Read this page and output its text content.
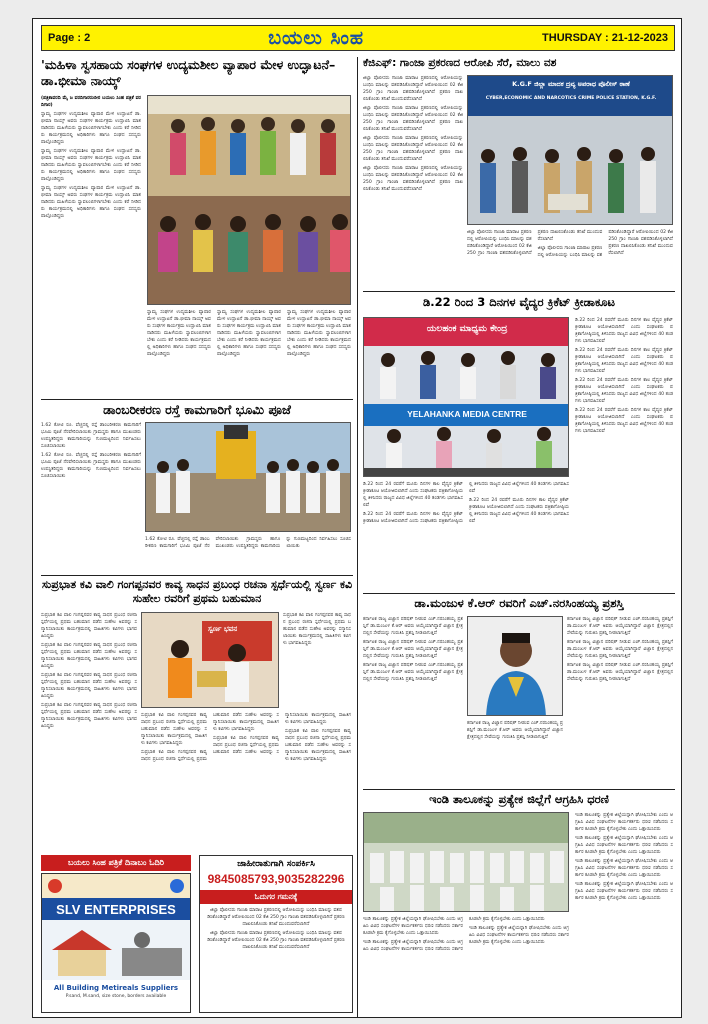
Page : 2	ಬಯಲು ಸಿಂಹ	THURSDAY : 21-12-2023
'ಮಹಿಳಾ ಸ್ವಸಹಾಯ ಸಂಘಗಳ ಉದ್ಯಮಶೀಲ ವ್ಯಾಪಾರ ಮೇಳ ಉದ್ಘಾಟನೆ– ಡಾ.ಭೀಮಾ ನಾಯ್ಕ್

(ಪತ್ರಿಕಾವರದಿ ಮೈ ಜ ವರದಿಗಾರರುಬೀರ ಬಯಲು ಸಿಂಹ ಪತ್ರಿಕೆ ವರದಿಗಾರ)

ಸ್ವಾಮ್ಯ ಸಂಘಗಳ ಉದ್ಯಮಶೀಲ ವ್ಯಾಪಾರ ಮೇಳ ಉದ್ಘಾಟನೆ ಡಾ.ಭೀಮಾ ನಾಯ್ಕ್ ಅವರು ಸಂಘಗಳ ಕಾರ್ಯಕ್ರಮ ಉದ್ಘಾಟಿಸಿ ಮಾತನಾಡಿದರು ಮಹಿಳೆಯರು ಸ್ವಾವಲಂಬಿಗಳಾಗಬೇಕು ಎಂದು ಕರೆ ನೀಡಿದರು ಕಾರ್ಯಕ್ರಮದಲ್ಲಿ ಅಧಿಕಾರಿಗಳು ಹಾಗೂ ಸಂಘದ ಸದಸ್ಯರು ಪಾಲ್ಗೊಂಡಿದ್ದರು

ಸ್ವಾಮ್ಯ ಸಂಘಗಳ ಉದ್ಯಮಶೀಲ ವ್ಯಾಪಾರ ಮೇಳ ಉದ್ಘಾಟನೆ ಡಾ.ಭೀಮಾ ನಾಯ್ಕ್ ಅವರು ಸಂಘಗಳ ಕಾರ್ಯಕ್ರಮ ಉದ್ಘಾಟಿಸಿ ಮಾತನಾಡಿದರು ಮಹಿಳೆಯರು ಸ್ವಾವಲಂಬಿಗಳಾಗಬೇಕು ಎಂದು ಕರೆ ನೀಡಿದರು ಕಾರ್ಯಕ್ರಮದಲ್ಲಿ ಅಧಿಕಾರಿಗಳು ಹಾಗೂ ಸಂಘದ ಸದಸ್ಯರು ಪಾಲ್ಗೊಂಡಿದ್ದರು

ಸ್ವಾಮ್ಯ ಸಂಘಗಳ ಉದ್ಯಮಶೀಲ ವ್ಯಾಪಾರ ಮೇಳ ಉದ್ಘಾಟನೆ ಡಾ.ಭೀಮಾ ನಾಯ್ಕ್ ಅವರು ಸಂಘಗಳ ಕಾರ್ಯಕ್ರಮ ಉದ್ಘಾಟಿಸಿ ಮಾತನಾಡಿದರು ಮಹಿಳೆಯರು ಸ್ವಾವಲಂಬಿಗಳಾಗಬೇಕು ಎಂದು ಕರೆ ನೀಡಿದರು ಕಾರ್ಯಕ್ರಮದಲ್ಲಿ ಅಧಿಕಾರಿಗಳು ಹಾಗೂ ಸಂಘದ ಸದಸ್ಯರು ಪಾಲ್ಗೊಂಡಿದ್ದರು

ಸ್ವಾಮ್ಯ ಸಂಘಗಳ ಉದ್ಯಮಶೀಲ ವ್ಯಾಪಾರ ಮೇಳ ಉದ್ಘಾಟನೆ ಡಾ.ಭೀಮಾ ನಾಯ್ಕ್ ಅವರು ಸಂಘಗಳ ಕಾರ್ಯಕ್ರಮ ಉದ್ಘಾಟಿಸಿ ಮಾತನಾಡಿದರು ಮಹಿಳೆಯರು ಸ್ವಾವಲಂಬಿಗಳಾಗಬೇಕು ಎಂದು ಕರೆ ನೀಡಿದರು ಕಾರ್ಯಕ್ರಮದಲ್ಲಿ ಅಧಿಕಾರಿಗಳು ಹಾಗೂ ಸಂಘದ ಸದಸ್ಯರು ಪಾಲ್ಗೊಂಡಿದ್ದರು

ಸ್ವಾಮ್ಯ ಸಂಘಗಳ ಉದ್ಯಮಶೀಲ ವ್ಯಾಪಾರ ಮೇಳ ಉದ್ಘಾಟನೆ ಡಾ.ಭೀಮಾ ನಾಯ್ಕ್ ಅವರು ಸಂಘಗಳ ಕಾರ್ಯಕ್ರಮ ಉದ್ಘಾಟಿಸಿ ಮಾತನಾಡಿದರು ಮಹಿಳೆಯರು ಸ್ವಾವಲಂಬಿಗಳಾಗಬೇಕು ಎಂದು ಕರೆ ನೀಡಿದರು ಕಾರ್ಯಕ್ರಮದಲ್ಲಿ ಅಧಿಕಾರಿಗಳು ಹಾಗೂ ಸಂಘದ ಸದಸ್ಯರು ಪಾಲ್ಗೊಂಡಿದ್ದರು

ಸ್ವಾಮ್ಯ ಸಂಘಗಳ ಉದ್ಯಮಶೀಲ ವ್ಯಾಪಾರ ಮೇಳ ಉದ್ಘಾಟನೆ ಡಾ.ಭೀಮಾ ನಾಯ್ಕ್ ಅವರು ಸಂಘಗಳ ಕಾರ್ಯಕ್ರಮ ಉದ್ಘಾಟಿಸಿ ಮಾತನಾಡಿದರು ಮಹಿಳೆಯರು ಸ್ವಾವಲಂಬಿಗಳಾಗಬೇಕು ಎಂದು ಕರೆ ನೀಡಿದರು ಕಾರ್ಯಕ್ರಮದಲ್ಲಿ ಅಧಿಕಾರಿಗಳು ಹಾಗೂ ಸಂಘದ ಸದಸ್ಯರು ಪಾಲ್ಗೊಂಡಿದ್ದರು

ಡಾಂಬರೀಕರಣ ರಸ್ತೆ ಕಾಮಗಾರಿಗೆ ಭೂಮಿ ಪೂಜೆ

1.62 ಕೋಟಿ ರೂ. ವೆಚ್ಚದಲ್ಲಿ ರಸ್ತೆ ಡಾಂಬರೀಕರಣ ಕಾಮಗಾರಿಗೆ ಭೂಮಿ ಪೂಜೆ ನೆರವೇರಿಸಲಾಯಿತು ಗ್ರಾಮಸ್ಥರು ಹಾಗೂ ಮುಖಂಡರು ಉಪಸ್ಥಿತರಿದ್ದರು ಕಾಮಗಾರಿಯನ್ನು ಗುಣಮಟ್ಟದಿಂದ ನಿರ್ವಹಿಸಲು ಸೂಚಿಸಲಾಯಿತು

1.62 ಕೋಟಿ ರೂ. ವೆಚ್ಚದಲ್ಲಿ ರಸ್ತೆ ಡಾಂಬರೀಕರಣ ಕಾಮಗಾರಿಗೆ ಭೂಮಿ ಪೂಜೆ ನೆರವೇರಿಸಲಾಯಿತು ಗ್ರಾಮಸ್ಥರು ಹಾಗೂ ಮುಖಂಡರು ಉಪಸ್ಥಿತರಿದ್ದರು ಕಾಮಗಾರಿಯನ್ನು ಗುಣಮಟ್ಟದಿಂದ ನಿರ್ವಹಿಸಲು ಸೂಚಿಸಲಾಯಿತು

1.62 ಕೋಟಿ ರೂ. ವೆಚ್ಚದಲ್ಲಿ ರಸ್ತೆ ಡಾಂಬರೀಕರಣ ಕಾಮಗಾರಿಗೆ ಭೂಮಿ ಪೂಜೆ ನೆರವೇರಿಸಲಾಯಿತು ಗ್ರಾಮಸ್ಥರು ಹಾಗೂ ಮುಖಂಡರು ಉಪಸ್ಥಿತರಿದ್ದರು ಕಾಮಗಾರಿಯನ್ನು ಗುಣಮಟ್ಟದಿಂದ ನಿರ್ವಹಿಸಲು ಸೂಚಿಸಲಾಯಿತು

ಸುಪ್ರಭಾತ ಕವಿ ವಾಲಿ ಗಂಗಪ್ಪನವರ ಕಾವ್ಯ ಸಾಧನ ಪ್ರಬಂಧ ರಚನಾ ಸ್ಪರ್ಧೆಯಲ್ಲಿ ಸ್ವರ್ಣ ಕವಿ ಸುಹೇಲ ರವರಿಗೆ ಪ್ರಥಮ ಬಹುಮಾನ

ಸುಪ್ರಭಾತ ಕವಿ ವಾಲಿ ಗಂಗಪ್ಪನವರ ಕಾವ್ಯ ಸಾಧನ ಪ್ರಬಂಧ ರಚನಾ ಸ್ಪರ್ಧೆಯಲ್ಲಿ ಪ್ರಥಮ ಬಹುಮಾನ ಪಡೆದ ಸುಹೇಲ ಅವರನ್ನು ಸನ್ಮಾನಿಸಲಾಯಿತು ಕಾರ್ಯಕ್ರಮದಲ್ಲಿ ಸಾಹಿತಿಗಳು ಕವಿಗಳು ಭಾಗವಹಿಸಿದ್ದರು

ಸುಪ್ರಭಾತ ಕವಿ ವಾಲಿ ಗಂಗಪ್ಪನವರ ಕಾವ್ಯ ಸಾಧನ ಪ್ರಬಂಧ ರಚನಾ ಸ್ಪರ್ಧೆಯಲ್ಲಿ ಪ್ರಥಮ ಬಹುಮಾನ ಪಡೆದ ಸುಹೇಲ ಅವರನ್ನು ಸನ್ಮಾನಿಸಲಾಯಿತು ಕಾರ್ಯಕ್ರಮದಲ್ಲಿ ಸಾಹಿತಿಗಳು ಕವಿಗಳು ಭಾಗವಹಿಸಿದ್ದರು

ಸುಪ್ರಭಾತ ಕವಿ ವಾಲಿ ಗಂಗಪ್ಪನವರ ಕಾವ್ಯ ಸಾಧನ ಪ್ರಬಂಧ ರಚನಾ ಸ್ಪರ್ಧೆಯಲ್ಲಿ ಪ್ರಥಮ ಬಹುಮಾನ ಪಡೆದ ಸುಹೇಲ ಅವರನ್ನು ಸನ್ಮಾನಿಸಲಾಯಿತು ಕಾರ್ಯಕ್ರಮದಲ್ಲಿ ಸಾಹಿತಿಗಳು ಕವಿಗಳು ಭಾಗವಹಿಸಿದ್ದರು

ಸುಪ್ರಭಾತ ಕವಿ ವಾಲಿ ಗಂಗಪ್ಪನವರ ಕಾವ್ಯ ಸಾಧನ ಪ್ರಬಂಧ ರಚನಾ ಸ್ಪರ್ಧೆಯಲ್ಲಿ ಪ್ರಥಮ ಬಹುಮಾನ ಪಡೆದ ಸುಹೇಲ ಅವರನ್ನು ಸನ್ಮಾನಿಸಲಾಯಿತು ಕಾರ್ಯಕ್ರಮದಲ್ಲಿ ಸಾಹಿತಿಗಳು ಕವಿಗಳು ಭಾಗವಹಿಸಿದ್ದರು

ಸ್ವರ್ಣ ಭವನ

ಸುಪ್ರಭಾತ ಕವಿ ವಾಲಿ ಗಂಗಪ್ಪನವರ ಕಾವ್ಯ ಸಾಧನ ಪ್ರಬಂಧ ರಚನಾ ಸ್ಪರ್ಧೆಯಲ್ಲಿ ಪ್ರಥಮ ಬಹುಮಾನ ಪಡೆದ ಸುಹೇಲ ಅವರನ್ನು ಸನ್ಮಾನಿಸಲಾಯಿತು ಕಾರ್ಯಕ್ರಮದಲ್ಲಿ ಸಾಹಿತಿಗಳು ಕವಿಗಳು ಭಾಗವಹಿಸಿದ್ದರು

ಸುಪ್ರಭಾತ ಕವಿ ವಾಲಿ ಗಂಗಪ್ಪನವರ ಕಾವ್ಯ ಸಾಧನ ಪ್ರಬಂಧ ರಚನಾ ಸ್ಪರ್ಧೆಯಲ್ಲಿ ಪ್ರಥಮ ಬಹುಮಾನ ಪಡೆದ ಸುಹೇಲ ಅವರನ್ನು ಸನ್ಮಾನಿಸಲಾಯಿತು ಕಾರ್ಯಕ್ರಮದಲ್ಲಿ ಸಾಹಿತಿಗಳು ಕವಿಗಳು ಭಾಗವಹಿಸಿದ್ದರು

ಸುಪ್ರಭಾತ ಕವಿ ವಾಲಿ ಗಂಗಪ್ಪನವರ ಕಾವ್ಯ ಸಾಧನ ಪ್ರಬಂಧ ರಚನಾ ಸ್ಪರ್ಧೆಯಲ್ಲಿ ಪ್ರಥಮ ಬಹುಮಾನ ಪಡೆದ ಸುಹೇಲ ಅವರನ್ನು ಸನ್ಮಾನಿಸಲಾಯಿತು ಕಾರ್ಯಕ್ರಮದಲ್ಲಿ ಸಾಹಿತಿಗಳು ಕವಿಗಳು ಭಾಗವಹಿಸಿದ್ದರು

ಸುಪ್ರಭಾತ ಕವಿ ವಾಲಿ ಗಂಗಪ್ಪನವರ ಕಾವ್ಯ ಸಾಧನ ಪ್ರಬಂಧ ರಚನಾ ಸ್ಪರ್ಧೆಯಲ್ಲಿ ಪ್ರಥಮ ಬಹುಮಾನ ಪಡೆದ ಸುಹೇಲ ಅವರನ್ನು ಸನ್ಮಾನಿಸಲಾಯಿತು ಕಾರ್ಯಕ್ರಮದಲ್ಲಿ ಸಾಹಿತಿಗಳು ಕವಿಗಳು ಭಾಗವಹಿಸಿದ್ದರು

ಸುಪ್ರಭಾತ ಕವಿ ವಾಲಿ ಗಂಗಪ್ಪನವರ ಕಾವ್ಯ ಸಾಧನ ಪ್ರಬಂಧ ರಚನಾ ಸ್ಪರ್ಧೆಯಲ್ಲಿ ಪ್ರಥಮ ಬಹುಮಾನ ಪಡೆದ ಸುಹೇಲ ಅವರನ್ನು ಸನ್ಮಾನಿಸಲಾಯಿತು ಕಾರ್ಯಕ್ರಮದಲ್ಲಿ ಸಾಹಿತಿಗಳು ಕವಿಗಳು ಭಾಗವಹಿಸಿದ್ದರು

ಬಯಲು ಸಿಂಹ ಪತ್ರಿಕೆ ದಿನಾಬಂ ಓದಿರಿ
SLV ENTERPRISES
All Building Metireals Suppliers
P.sand, M.sand, size stone, borders available
ಜಾಹೀರಾತುಗಾಗಿ ಸಂಪರ್ಕಿಸಿ
9845085793,9035282296
ಓದುಗರ ಗಮನಕ್ಕೆ

ಜಿಲ್ಲಾ ಪೊಲೀಸರು ಗಾಂಜಾ ಮಾರಾಟ ಪ್ರಕರಣದಲ್ಲಿ ಆರೋಪಿಯನ್ನು ಬಂಧಿಸಿ ಮಾಲನ್ನು ವಶಪಡಿಸಿಕೊಂಡಿದ್ದಾರೆ ಆರೋಪಿಯಿಂದ 02 ಕೆಜಿ 250 ಗ್ರಾಂ ಗಾಂಜಾ ವಶಪಡಿಸಿಕೊಳ್ಳಲಾಗಿದೆ ಪ್ರಕರಣ ದಾಖಲಿಸಿಕೊಂಡು ತನಿಖೆ ಮುಂದುವರೆಸಲಾಗಿದೆ

ಜಿಲ್ಲಾ ಪೊಲೀಸರು ಗಾಂಜಾ ಮಾರಾಟ ಪ್ರಕರಣದಲ್ಲಿ ಆರೋಪಿಯನ್ನು ಬಂಧಿಸಿ ಮಾಲನ್ನು ವಶಪಡಿಸಿಕೊಂಡಿದ್ದಾರೆ ಆರೋಪಿಯಿಂದ 02 ಕೆಜಿ 250 ಗ್ರಾಂ ಗಾಂಜಾ ವಶಪಡಿಸಿಕೊಳ್ಳಲಾಗಿದೆ ಪ್ರಕರಣ ದಾಖಲಿಸಿಕೊಂಡು ತನಿಖೆ ಮುಂದುವರೆಸಲಾಗಿದೆ

ಕೆಜಿಎಫ್: ಗಾಂಜಾ ಪ್ರಕರಣದ ಆರೋಪಿ ಸೆರೆ, ಮಾಲು ವಶ

ಜಿಲ್ಲಾ ಪೊಲೀಸರು ಗಾಂಜಾ ಮಾರಾಟ ಪ್ರಕರಣದಲ್ಲಿ ಆರೋಪಿಯನ್ನು ಬಂಧಿಸಿ ಮಾಲನ್ನು ವಶಪಡಿಸಿಕೊಂಡಿದ್ದಾರೆ ಆರೋಪಿಯಿಂದ 02 ಕೆಜಿ 250 ಗ್ರಾಂ ಗಾಂಜಾ ವಶಪಡಿಸಿಕೊಳ್ಳಲಾಗಿದೆ ಪ್ರಕರಣ ದಾಖಲಿಸಿಕೊಂಡು ತನಿಖೆ ಮುಂದುವರೆಸಲಾಗಿದೆ

ಜಿಲ್ಲಾ ಪೊಲೀಸರು ಗಾಂಜಾ ಮಾರಾಟ ಪ್ರಕರಣದಲ್ಲಿ ಆರೋಪಿಯನ್ನು ಬಂಧಿಸಿ ಮಾಲನ್ನು ವಶಪಡಿಸಿಕೊಂಡಿದ್ದಾರೆ ಆರೋಪಿಯಿಂದ 02 ಕೆಜಿ 250 ಗ್ರಾಂ ಗಾಂಜಾ ವಶಪಡಿಸಿಕೊಳ್ಳಲಾಗಿದೆ ಪ್ರಕರಣ ದಾಖಲಿಸಿಕೊಂಡು ತನಿಖೆ ಮುಂದುವರೆಸಲಾಗಿದೆ

ಜಿಲ್ಲಾ ಪೊಲೀಸರು ಗಾಂಜಾ ಮಾರಾಟ ಪ್ರಕರಣದಲ್ಲಿ ಆರೋಪಿಯನ್ನು ಬಂಧಿಸಿ ಮಾಲನ್ನು ವಶಪಡಿಸಿಕೊಂಡಿದ್ದಾರೆ ಆರೋಪಿಯಿಂದ 02 ಕೆಜಿ 250 ಗ್ರಾಂ ಗಾಂಜಾ ವಶಪಡಿಸಿಕೊಳ್ಳಲಾಗಿದೆ ಪ್ರಕರಣ ದಾಖಲಿಸಿಕೊಂಡು ತನಿಖೆ ಮುಂದುವರೆಸಲಾಗಿದೆ

ಜಿಲ್ಲಾ ಪೊಲೀಸರು ಗಾಂಜಾ ಮಾರಾಟ ಪ್ರಕರಣದಲ್ಲಿ ಆರೋಪಿಯನ್ನು ಬಂಧಿಸಿ ಮಾಲನ್ನು ವಶಪಡಿಸಿಕೊಂಡಿದ್ದಾರೆ ಆರೋಪಿಯಿಂದ 02 ಕೆಜಿ 250 ಗ್ರಾಂ ಗಾಂಜಾ ವಶಪಡಿಸಿಕೊಳ್ಳಲಾಗಿದೆ ಪ್ರಕರಣ ದಾಖಲಿಸಿಕೊಂಡು ತನಿಖೆ ಮುಂದುವರೆಸಲಾಗಿದೆ

K.G.F ಜಿಲ್ಲಾ ಮಾದಕ ದ್ರವ್ಯ ಅಪರಾಧ ಪೊಲೀಸ್ ಠಾಣೆ
CYBER,ECONOMIC AND NARCOTICS CRIME POLICE STATION, K.G.F.

ಜಿಲ್ಲಾ ಪೊಲೀಸರು ಗಾಂಜಾ ಮಾರಾಟ ಪ್ರಕರಣದಲ್ಲಿ ಆರೋಪಿಯನ್ನು ಬಂಧಿಸಿ ಮಾಲನ್ನು ವಶಪಡಿಸಿಕೊಂಡಿದ್ದಾರೆ ಆರೋಪಿಯಿಂದ 02 ಕೆಜಿ 250 ಗ್ರಾಂ ಗಾಂಜಾ ವಶಪಡಿಸಿಕೊಳ್ಳಲಾಗಿದೆ ಪ್ರಕರಣ ದಾಖಲಿಸಿಕೊಂಡು ತನಿಖೆ ಮುಂದುವರೆಸಲಾಗಿದೆ

ಜಿಲ್ಲಾ ಪೊಲೀಸರು ಗಾಂಜಾ ಮಾರಾಟ ಪ್ರಕರಣದಲ್ಲಿ ಆರೋಪಿಯನ್ನು ಬಂಧಿಸಿ ಮಾಲನ್ನು ವಶಪಡಿಸಿಕೊಂಡಿದ್ದಾರೆ ಆರೋಪಿಯಿಂದ 02 ಕೆಜಿ 250 ಗ್ರಾಂ ಗಾಂಜಾ ವಶಪಡಿಸಿಕೊಳ್ಳಲಾಗಿದೆ ಪ್ರಕರಣ ದಾಖಲಿಸಿಕೊಂಡು ತನಿಖೆ ಮುಂದುವರೆಸಲಾಗಿದೆ

ಡಿ.22 ರಿಂದ 3 ದಿನಗಳ ವೈದ್ಯರ ಕ್ರಿಕೆಟ್ ಕ್ರೀಡಾಕೂಟ
ಯಲಹಂಕ ಮಾಧ್ಯಮ ಕೇಂದ್ರ
YELAHANKA MEDIA CENTRE

ಡಿ.22 ರಿಂದ 24 ರವರೆಗೆ ಮೂರು ದಿನಗಳ ಕಾಲ ವೈದ್ಯರ ಕ್ರಿಕೆಟ್ ಕ್ರೀಡಾಕೂಟ ಆಯೋಜಿಸಲಾಗಿದೆ ಎಂದು ಸಂಘಟಕರು ಪತ್ರಿಕಾಗೋಷ್ಠಿಯಲ್ಲಿ ತಿಳಿಸಿದರು ರಾಜ್ಯದ ವಿವಿಧ ಜಿಲ್ಲೆಗಳಿಂದ 40 ತಂಡಗಳು ಭಾಗವಹಿಸಲಿವೆ

ಡಿ.22 ರಿಂದ 24 ರವರೆಗೆ ಮೂರು ದಿನಗಳ ಕಾಲ ವೈದ್ಯರ ಕ್ರಿಕೆಟ್ ಕ್ರೀಡಾಕೂಟ ಆಯೋಜಿಸಲಾಗಿದೆ ಎಂದು ಸಂಘಟಕರು ಪತ್ರಿಕಾಗೋಷ್ಠಿಯಲ್ಲಿ ತಿಳಿಸಿದರು ರಾಜ್ಯದ ವಿವಿಧ ಜಿಲ್ಲೆಗಳಿಂದ 40 ತಂಡಗಳು ಭಾಗವಹಿಸಲಿವೆ

ಡಿ.22 ರಿಂದ 24 ರವರೆಗೆ ಮೂರು ದಿನಗಳ ಕಾಲ ವೈದ್ಯರ ಕ್ರಿಕೆಟ್ ಕ್ರೀಡಾಕೂಟ ಆಯೋಜಿಸಲಾಗಿದೆ ಎಂದು ಸಂಘಟಕರು ಪತ್ರಿಕಾಗೋಷ್ಠಿಯಲ್ಲಿ ತಿಳಿಸಿದರು ರಾಜ್ಯದ ವಿವಿಧ ಜಿಲ್ಲೆಗಳಿಂದ 40 ತಂಡಗಳು ಭಾಗವಹಿಸಲಿವೆ

ಡಿ.22 ರಿಂದ 24 ರವರೆಗೆ ಮೂರು ದಿನಗಳ ಕಾಲ ವೈದ್ಯರ ಕ್ರಿಕೆಟ್ ಕ್ರೀಡಾಕೂಟ ಆಯೋಜಿಸಲಾಗಿದೆ ಎಂದು ಸಂಘಟಕರು ಪತ್ರಿಕಾಗೋಷ್ಠಿಯಲ್ಲಿ ತಿಳಿಸಿದರು ರಾಜ್ಯದ ವಿವಿಧ ಜಿಲ್ಲೆಗಳಿಂದ 40 ತಂಡಗಳು ಭಾಗವಹಿಸಲಿವೆ

ಡಿ.22 ರಿಂದ 24 ರವರೆಗೆ ಮೂರು ದಿನಗಳ ಕಾಲ ವೈದ್ಯರ ಕ್ರಿಕೆಟ್ ಕ್ರೀಡಾಕೂಟ ಆಯೋಜಿಸಲಾಗಿದೆ ಎಂದು ಸಂಘಟಕರು ಪತ್ರಿಕಾಗೋಷ್ಠಿಯಲ್ಲಿ ತಿಳಿಸಿದರು ರಾಜ್ಯದ ವಿವಿಧ ಜಿಲ್ಲೆಗಳಿಂದ 40 ತಂಡಗಳು ಭಾಗವಹಿಸಲಿವೆ

ಡಿ.22 ರಿಂದ 24 ರವರೆಗೆ ಮೂರು ದಿನಗಳ ಕಾಲ ವೈದ್ಯರ ಕ್ರಿಕೆಟ್ ಕ್ರೀಡಾಕೂಟ ಆಯೋಜಿಸಲಾಗಿದೆ ಎಂದು ಸಂಘಟಕರು ಪತ್ರಿಕಾಗೋಷ್ಠಿಯಲ್ಲಿ ತಿಳಿಸಿದರು ರಾಜ್ಯದ ವಿವಿಧ ಜಿಲ್ಲೆಗಳಿಂದ 40 ತಂಡಗಳು ಭಾಗವಹಿಸಲಿವೆ

ಡಿ.22 ರಿಂದ 24 ರವರೆಗೆ ಮೂರು ದಿನಗಳ ಕಾಲ ವೈದ್ಯರ ಕ್ರಿಕೆಟ್ ಕ್ರೀಡಾಕೂಟ ಆಯೋಜಿಸಲಾಗಿದೆ ಎಂದು ಸಂಘಟಕರು ಪತ್ರಿಕಾಗೋಷ್ಠಿಯಲ್ಲಿ ತಿಳಿಸಿದರು ರಾಜ್ಯದ ವಿವಿಧ ಜಿಲ್ಲೆಗಳಿಂದ 40 ತಂಡಗಳು ಭಾಗವಹಿಸಲಿವೆ

ಡಾ.ಮಂಜುಳ ಕೆ.ಆರ್ ರವರಿಗೆ ಎಚ್.ನರಸಿಂಹಯ್ಯ ಪ್ರಶಸ್ತಿ

ಕರ್ನಾಟಕ ರಾಜ್ಯ ವಿಜ್ಞಾನ ಪರಿಷತ್ ನೀಡುವ ಎಚ್.ನರಸಿಂಹಯ್ಯ ಪ್ರಶಸ್ತಿಗೆ ಡಾ.ಮಂಜುಳ ಕೆ.ಆರ್ ಅವರು ಆಯ್ಕೆಯಾಗಿದ್ದಾರೆ ವಿಜ್ಞಾನ ಕ್ಷೇತ್ರದಲ್ಲಿನ ಸೇವೆಯನ್ನು ಗುರುತಿಸಿ ಪ್ರಶಸ್ತಿ ನೀಡಲಾಗುತ್ತಿದೆ

ಕರ್ನಾಟಕ ರಾಜ್ಯ ವಿಜ್ಞಾನ ಪರಿಷತ್ ನೀಡುವ ಎಚ್.ನರಸಿಂಹಯ್ಯ ಪ್ರಶಸ್ತಿಗೆ ಡಾ.ಮಂಜುಳ ಕೆ.ಆರ್ ಅವರು ಆಯ್ಕೆಯಾಗಿದ್ದಾರೆ ವಿಜ್ಞಾನ ಕ್ಷೇತ್ರದಲ್ಲಿನ ಸೇವೆಯನ್ನು ಗುರುತಿಸಿ ಪ್ರಶಸ್ತಿ ನೀಡಲಾಗುತ್ತಿದೆ

ಕರ್ನಾಟಕ ರಾಜ್ಯ ವಿಜ್ಞಾನ ಪರಿಷತ್ ನೀಡುವ ಎಚ್.ನರಸಿಂಹಯ್ಯ ಪ್ರಶಸ್ತಿಗೆ ಡಾ.ಮಂಜುಳ ಕೆ.ಆರ್ ಅವರು ಆಯ್ಕೆಯಾಗಿದ್ದಾರೆ ವಿಜ್ಞಾನ ಕ್ಷೇತ್ರದಲ್ಲಿನ ಸೇವೆಯನ್ನು ಗುರುತಿಸಿ ಪ್ರಶಸ್ತಿ ನೀಡಲಾಗುತ್ತಿದೆ

ಕರ್ನಾಟಕ ರಾಜ್ಯ ವಿಜ್ಞಾನ ಪರಿಷತ್ ನೀಡುವ ಎಚ್.ನರಸಿಂಹಯ್ಯ ಪ್ರಶಸ್ತಿಗೆ ಡಾ.ಮಂಜುಳ ಕೆ.ಆರ್ ಅವರು ಆಯ್ಕೆಯಾಗಿದ್ದಾರೆ ವಿಜ್ಞಾನ ಕ್ಷೇತ್ರದಲ್ಲಿನ ಸೇವೆಯನ್ನು ಗುರುತಿಸಿ ಪ್ರಶಸ್ತಿ ನೀಡಲಾಗುತ್ತಿದೆ

ಕರ್ನಾಟಕ ರಾಜ್ಯ ವಿಜ್ಞಾನ ಪರಿಷತ್ ನೀಡುವ ಎಚ್.ನರಸಿಂಹಯ್ಯ ಪ್ರಶಸ್ತಿಗೆ ಡಾ.ಮಂಜುಳ ಕೆ.ಆರ್ ಅವರು ಆಯ್ಕೆಯಾಗಿದ್ದಾರೆ ವಿಜ್ಞಾನ ಕ್ಷೇತ್ರದಲ್ಲಿನ ಸೇವೆಯನ್ನು ಗುರುತಿಸಿ ಪ್ರಶಸ್ತಿ ನೀಡಲಾಗುತ್ತಿದೆ

ಕರ್ನಾಟಕ ರಾಜ್ಯ ವಿಜ್ಞಾನ ಪರಿಷತ್ ನೀಡುವ ಎಚ್.ನರಸಿಂಹಯ್ಯ ಪ್ರಶಸ್ತಿಗೆ ಡಾ.ಮಂಜುಳ ಕೆ.ಆರ್ ಅವರು ಆಯ್ಕೆಯಾಗಿದ್ದಾರೆ ವಿಜ್ಞಾನ ಕ್ಷೇತ್ರದಲ್ಲಿನ ಸೇವೆಯನ್ನು ಗುರುತಿಸಿ ಪ್ರಶಸ್ತಿ ನೀಡಲಾಗುತ್ತಿದೆ

ಕರ್ನಾಟಕ ರಾಜ್ಯ ವಿಜ್ಞಾನ ಪರಿಷತ್ ನೀಡುವ ಎಚ್.ನರಸಿಂಹಯ್ಯ ಪ್ರಶಸ್ತಿಗೆ ಡಾ.ಮಂಜುಳ ಕೆ.ಆರ್ ಅವರು ಆಯ್ಕೆಯಾಗಿದ್ದಾರೆ ವಿಜ್ಞಾನ ಕ್ಷೇತ್ರದಲ್ಲಿನ ಸೇವೆಯನ್ನು ಗುರುತಿಸಿ ಪ್ರಶಸ್ತಿ ನೀಡಲಾಗುತ್ತಿದೆ

ಇಂಡಿ ತಾಲೂಕನ್ನು ಪ್ರತ್ಯೇಕ ಜಿಲ್ಲೆಗೆ ಆಗ್ರಹಿಸಿ ಧರಣಿ

ಇಂಡಿ ತಾಲೂಕನ್ನು ಪ್ರತ್ಯೇಕ ಜಿಲ್ಲೆಯನ್ನಾಗಿ ಘೋಷಿಸಬೇಕು ಎಂದು ಆಗ್ರಹಿಸಿ ವಿವಿಧ ಸಂಘಟನೆಗಳ ಕಾರ್ಯಕರ್ತರು ಧರಣಿ ನಡೆಸಿದರು ಸರ್ಕಾರ ಕೂಡಲೇ ಕ್ರಮ ಕೈಗೊಳ್ಳಬೇಕು ಎಂದು ಒತ್ತಾಯಿಸಿದರು

ಇಂಡಿ ತಾಲೂಕನ್ನು ಪ್ರತ್ಯೇಕ ಜಿಲ್ಲೆಯನ್ನಾಗಿ ಘೋಷಿಸಬೇಕು ಎಂದು ಆಗ್ರಹಿಸಿ ವಿವಿಧ ಸಂಘಟನೆಗಳ ಕಾರ್ಯಕರ್ತರು ಧರಣಿ ನಡೆಸಿದರು ಸರ್ಕಾರ ಕೂಡಲೇ ಕ್ರಮ ಕೈಗೊಳ್ಳಬೇಕು ಎಂದು ಒತ್ತಾಯಿಸಿದರು

ಇಂಡಿ ತಾಲೂಕನ್ನು ಪ್ರತ್ಯೇಕ ಜಿಲ್ಲೆಯನ್ನಾಗಿ ಘೋಷಿಸಬೇಕು ಎಂದು ಆಗ್ರಹಿಸಿ ವಿವಿಧ ಸಂಘಟನೆಗಳ ಕಾರ್ಯಕರ್ತರು ಧರಣಿ ನಡೆಸಿದರು ಸರ್ಕಾರ ಕೂಡಲೇ ಕ್ರಮ ಕೈಗೊಳ್ಳಬೇಕು ಎಂದು ಒತ್ತಾಯಿಸಿದರು

ಇಂಡಿ ತಾಲೂಕನ್ನು ಪ್ರತ್ಯೇಕ ಜಿಲ್ಲೆಯನ್ನಾಗಿ ಘೋಷಿಸಬೇಕು ಎಂದು ಆಗ್ರಹಿಸಿ ವಿವಿಧ ಸಂಘಟನೆಗಳ ಕಾರ್ಯಕರ್ತರು ಧರಣಿ ನಡೆಸಿದರು ಸರ್ಕಾರ ಕೂಡಲೇ ಕ್ರಮ ಕೈಗೊಳ್ಳಬೇಕು ಎಂದು ಒತ್ತಾಯಿಸಿದರು

ಇಂಡಿ ತಾಲೂಕನ್ನು ಪ್ರತ್ಯೇಕ ಜಿಲ್ಲೆಯನ್ನಾಗಿ ಘೋಷಿಸಬೇಕು ಎಂದು ಆಗ್ರಹಿಸಿ ವಿವಿಧ ಸಂಘಟನೆಗಳ ಕಾರ್ಯಕರ್ತರು ಧರಣಿ ನಡೆಸಿದರು ಸರ್ಕಾರ ಕೂಡಲೇ ಕ್ರಮ ಕೈಗೊಳ್ಳಬೇಕು ಎಂದು ಒತ್ತಾಯಿಸಿದರು

ಇಂಡಿ ತಾಲೂಕನ್ನು ಪ್ರತ್ಯೇಕ ಜಿಲ್ಲೆಯನ್ನಾಗಿ ಘೋಷಿಸಬೇಕು ಎಂದು ಆಗ್ರಹಿಸಿ ವಿವಿಧ ಸಂಘಟನೆಗಳ ಕಾರ್ಯಕರ್ತರು ಧರಣಿ ನಡೆಸಿದರು ಸರ್ಕಾರ ಕೂಡಲೇ ಕ್ರಮ ಕೈಗೊಳ್ಳಬೇಕು ಎಂದು ಒತ್ತಾಯಿಸಿದರು

ಇಂಡಿ ತಾಲೂಕನ್ನು ಪ್ರತ್ಯೇಕ ಜಿಲ್ಲೆಯನ್ನಾಗಿ ಘೋಷಿಸಬೇಕು ಎಂದು ಆಗ್ರಹಿಸಿ ವಿವಿಧ ಸಂಘಟನೆಗಳ ಕಾರ್ಯಕರ್ತರು ಧರಣಿ ನಡೆಸಿದರು ಸರ್ಕಾರ ಕೂಡಲೇ ಕ್ರಮ ಕೈಗೊಳ್ಳಬೇಕು ಎಂದು ಒತ್ತಾಯಿಸಿದರು
